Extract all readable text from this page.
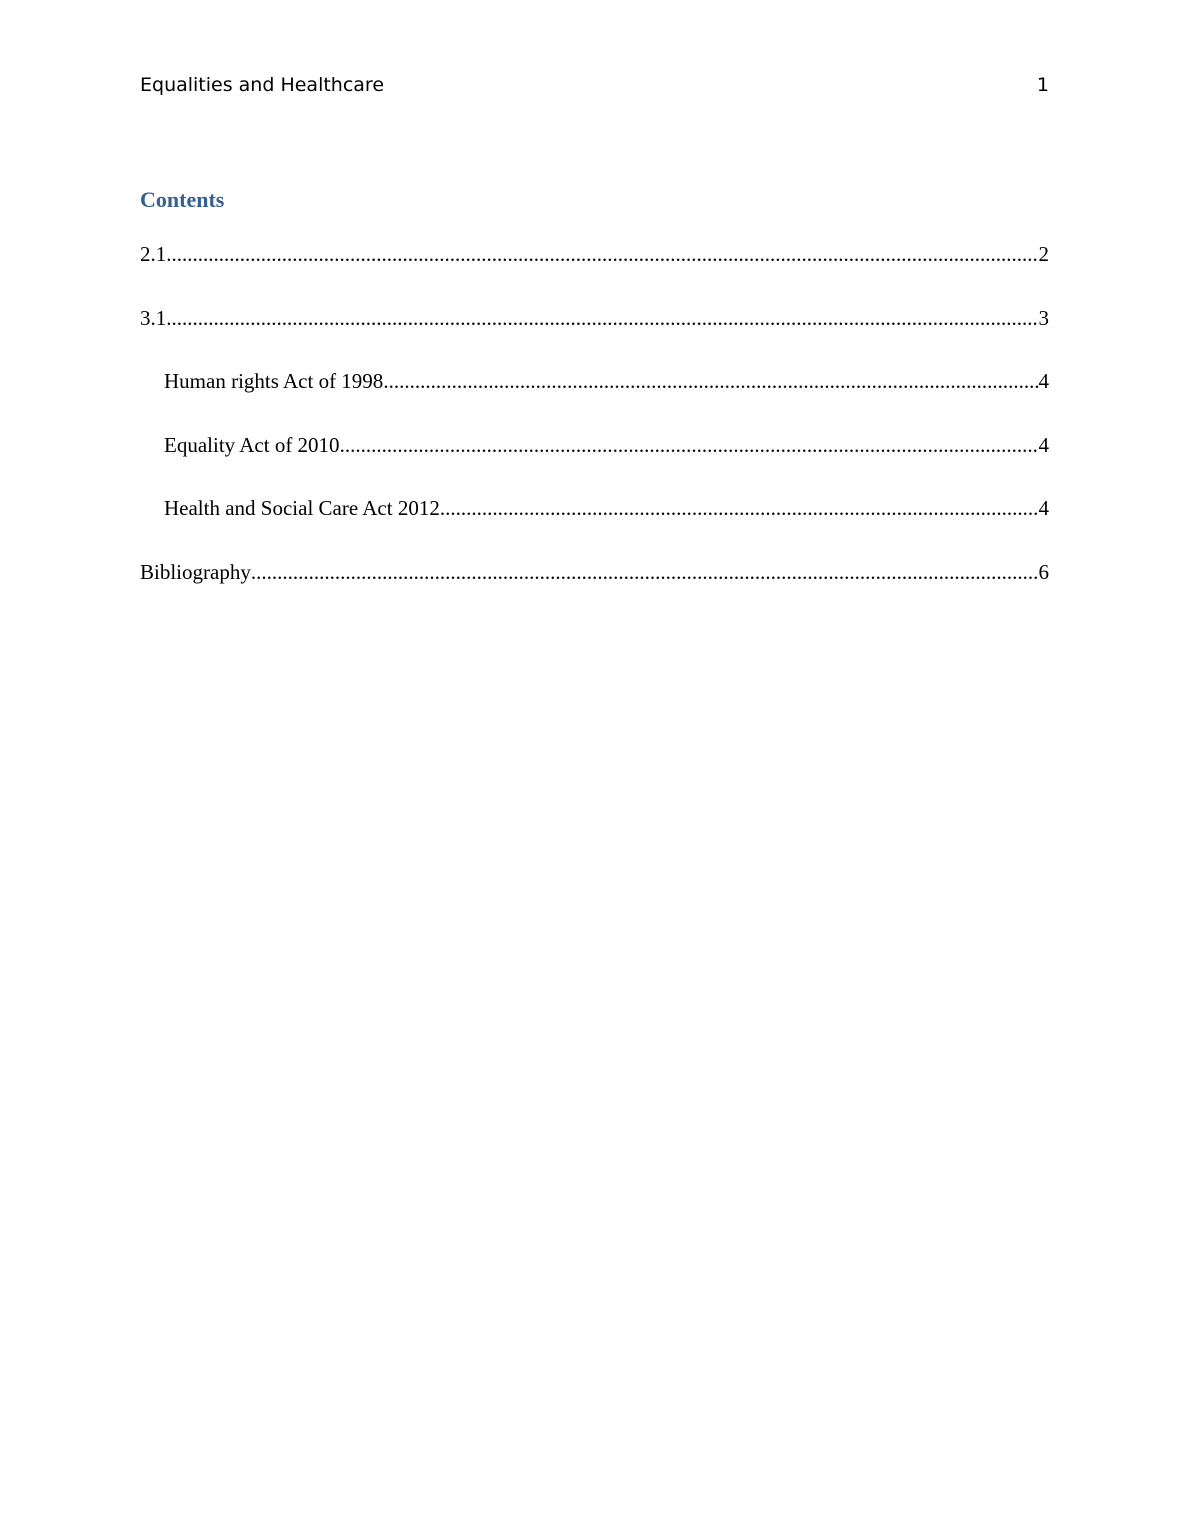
Equalities and Healthcare	1
Contents
2.1 .....	2
3.1 .....	3
Human rights Act of 1998 .....	4
Equality Act of 2010 .....	4
Health and Social Care Act 2012 .....	4
Bibliography .....	6
